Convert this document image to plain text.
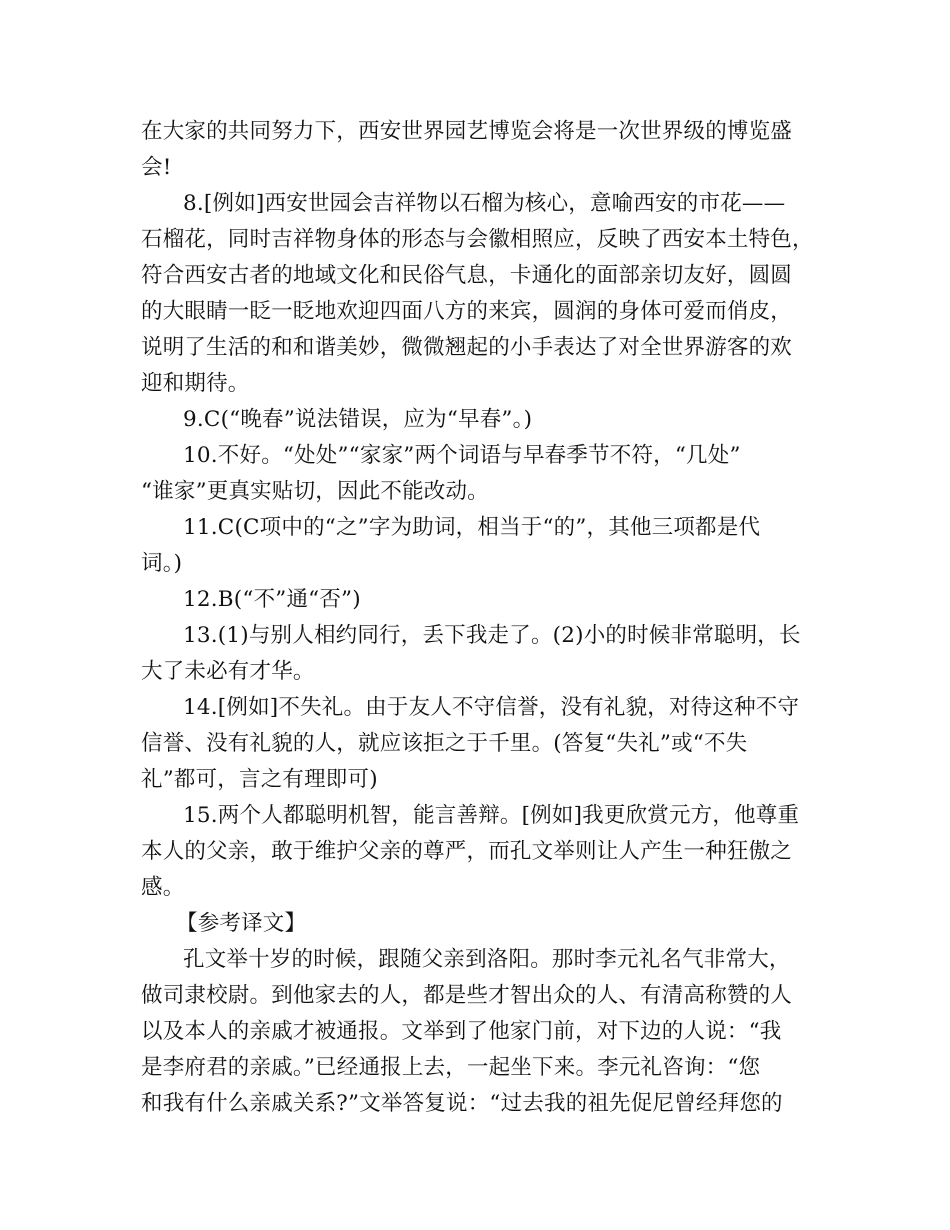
在大家的共同努力下，西安世界园艺博览会将是一次世界级的博览盛
会!
8.[例如]西安世园会吉祥物以石榴为核心，意喻西安的市花——
石榴花，同时吉祥物身体的形态与会徽相照应，反映了西安本土特色，
符合西安古者的地域文化和民俗气息，卡通化的面部亲切友好，圆圆
的大眼睛一眨一眨地欢迎四面八方的来宾，圆润的身体可爱而俏皮，
说明了生活的和和谐美妙，微微翘起的小手表达了对全世界游客的欢
迎和期待。
9.C(“晚春”说法错误，应为“早春”。)
10.不好。“处处”“家家”两个词语与早春季节不符，“几处”
“谁家”更真实贴切，因此不能改动。
11.C(C项中的“之”字为助词，相当于“的”，其他三项都是代
词。)
12.B(“不”通“否”)
13.(1)与别人相约同行，丢下我走了。(2)小的时候非常聪明，长
大了未必有才华。
14.[例如]不失礼。由于友人不守信誉，没有礼貌，对待这种不守
信誉、没有礼貌的人，就应该拒之于千里。(答复“失礼”或“不失
礼”都可，言之有理即可)
15.两个人都聪明机智，能言善辩。[例如]我更欣赏元方，他尊重
本人的父亲，敢于维护父亲的尊严，而孔文举则让人产生一种狂傲之
感。
【参考译文】
孔文举十岁的时候，跟随父亲到洛阳。那时李元礼名气非常大，
做司隶校尉。到他家去的人，都是些才智出众的人、有清高称赞的人
以及本人的亲戚才被通报。文举到了他家门前，对下边的人说：“我
是李府君的亲戚。”已经通报上去，一起坐下来。李元礼咨询：“您
和我有什么亲戚关系?”文举答复说：“过去我的祖先促尼曾经拜您的
